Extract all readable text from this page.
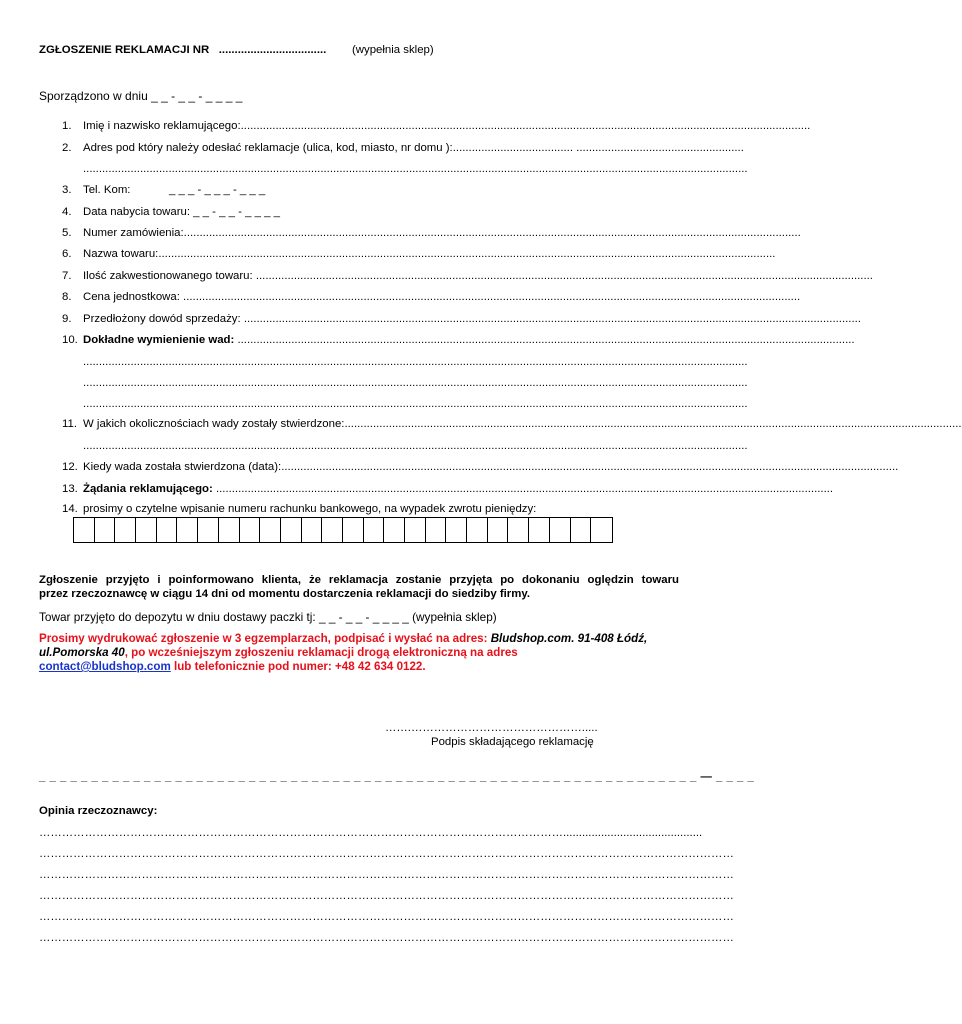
ZGŁOSZENIE REKLAMACJI NR .................................. (wypełnia sklep)
Sporządzono w dniu _ _ - _ _ - _ _ _ _
1.	Imię i nazwisko reklamującego:....................................................................................................................................................................................
2.	Adres pod który należy odesłać reklamacje (ulica, kod, miasto, nr domu ):...................................... .....................................................
..................................................................................................................................................................................................................
3.	Tel. Kom:	_ _ _ - _ _ _ - _ _ _
4.	Data nabycia towaru: _ _ - _ _ - _ _ _ _
5.	Numer zamówienia:...................................................................................................................................................................................................
6.	Nazwa towaru:...................................................................................................................................................................................................
7.	Ilość zakwestionowanego towaru: ...................................................................................................................................................................................................
8.	Cena jednostkowa: ...................................................................................................................................................................................................
9.	Przedłożony dowód sprzedaży: ...................................................................................................................................................................................................
10. Dokładne wymienienie wad: ...................................................................................................................................................................................................
..................................................................................................................................................................................................................
..................................................................................................................................................................................................................
..................................................................................................................................................................................................................
11. W jakich okolicznościach wady zostały stwierdzone:...................................................................................................................................................................................................
..................................................................................................................................................................................................................
12. Kiedy wada została stwierdzona (data):...................................................................................................................................................................................................
13. Żądania reklamującego: ...................................................................................................................................................................................................
14. prosimy o czytelne wpisanie numeru rachunku bankowego, na wypadek zwrotu pieniędzy:
Zgłoszenie przyjęto i poinformowano klienta, że reklamacja zostanie przyjęta po dokonaniu oględzin towaru
przez rzeczoznawcę w ciągu 14 dni od momentu dostarczenia reklamacji do siedziby firmy.
Towar przyjęto do depozytu w dniu dostawy paczki tj: _ _ - _ _ - _ _ _ _ (wypełnia sklep)
Prosimy wydrukować zgłoszenie w 3 egzemplarzach, podpisać i wysłać na adres: Bludshop.com. 91-408 Łódź,
ul.Pomorska 40, po wcześniejszym zgłoszeniu reklamacji drogą elektroniczną na adres
contact@bludshop.com lub telefonicznie pod numer: +48 42 634 0122.
…….……………………………………….....
Podpis składającego reklamację
_ _ _ _ _ _ _ _ _ _ _ _ _ _ _ _ _ _ _ _ _ _ _ _ _ _ _ _ _ _ _ _ _ _ _ _ _ _ _ _ _ _ _ _ _ _ _ _ _ _ _ _ _ _ _ _ _ _ _ _ _ _ _ — _ _ _ _
Opinia rzeczoznawcy:
…………………………………………………………………………………………………………………………............................................
…………………………………………………………………………………………………………………………………………………………………
…………………………………………………………………………………………………………………………………………………………………
…………………………………………………………………………………………………………………………………………………………………
…………………………………………………………………………………………………………………………………………………………………
…………………………………………………………………………………………………………………………………………………………………
